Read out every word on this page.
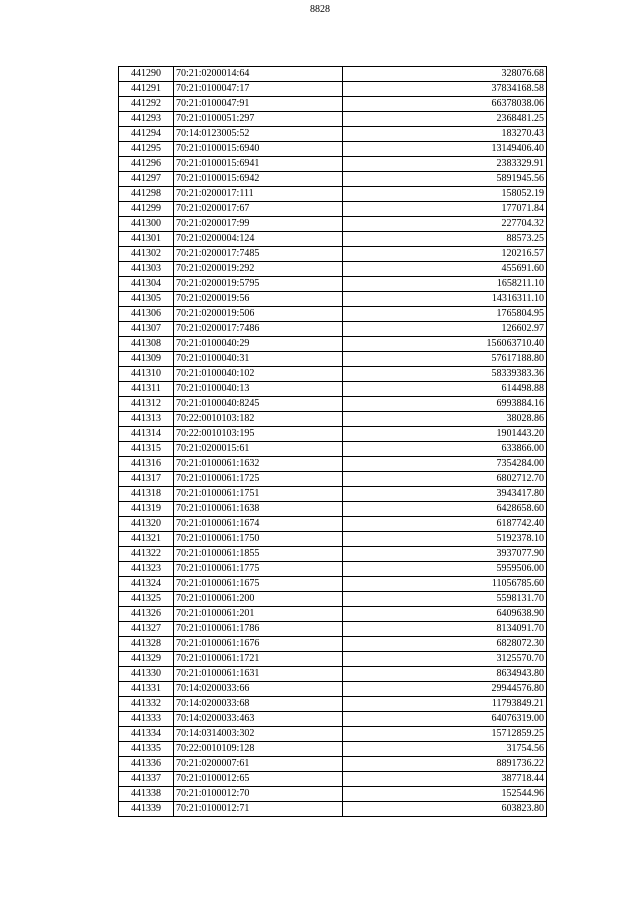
8828
441290	70:21:0200014:64	328076.68
441291	70:21:0100047:17	37834168.58
441292	70:21:0100047:91	66378038.06
441293	70:21:0100051:297	2368481.25
441294	70:14:0123005:52	183270.43
441295	70:21:0100015:6940	13149406.40
441296	70:21:0100015:6941	2383329.91
441297	70:21:0100015:6942	5891945.56
441298	70:21:0200017:111	158052.19
441299	70:21:0200017:67	177071.84
441300	70:21:0200017:99	227704.32
441301	70:21:0200004:124	88573.25
441302	70:21:0200017:7485	120216.57
441303	70:21:0200019:292	455691.60
441304	70:21:0200019:5795	1658211.10
441305	70:21:0200019:56	14316311.10
441306	70:21:0200019:506	1765804.95
441307	70:21:0200017:7486	126602.97
441308	70:21:0100040:29	156063710.40
441309	70:21:0100040:31	57617188.80
441310	70:21:0100040:102	58339383.36
441311	70:21:0100040:13	614498.88
441312	70:21:0100040:8245	6993884.16
441313	70:22:0010103:182	38028.86
441314	70:22:0010103:195	1901443.20
441315	70:21:0200015:61	633866.00
441316	70:21:0100061:1632	7354284.00
441317	70:21:0100061:1725	6802712.70
441318	70:21:0100061:1751	3943417.80
441319	70:21:0100061:1638	6428658.60
441320	70:21:0100061:1674	6187742.40
441321	70:21:0100061:1750	5192378.10
441322	70:21:0100061:1855	3937077.90
441323	70:21:0100061:1775	5959506.00
441324	70:21:0100061:1675	11056785.60
441325	70:21:0100061:200	5598131.70
441326	70:21:0100061:201	6409638.90
441327	70:21:0100061:1786	8134091.70
441328	70:21:0100061:1676	6828072.30
441329	70:21:0100061:1721	3125570.70
441330	70:21:0100061:1631	8634943.80
441331	70:14:0200033:66	29944576.80
441332	70:14:0200033:68	11793849.21
441333	70:14:0200033:463	64076319.00
441334	70:14:0314003:302	15712859.25
441335	70:22:0010109:128	31754.56
441336	70:21:0200007:61	8891736.22
441337	70:21:0100012:65	387718.44
441338	70:21:0100012:70	152544.96
441339	70:21:0100012:71	603823.80
